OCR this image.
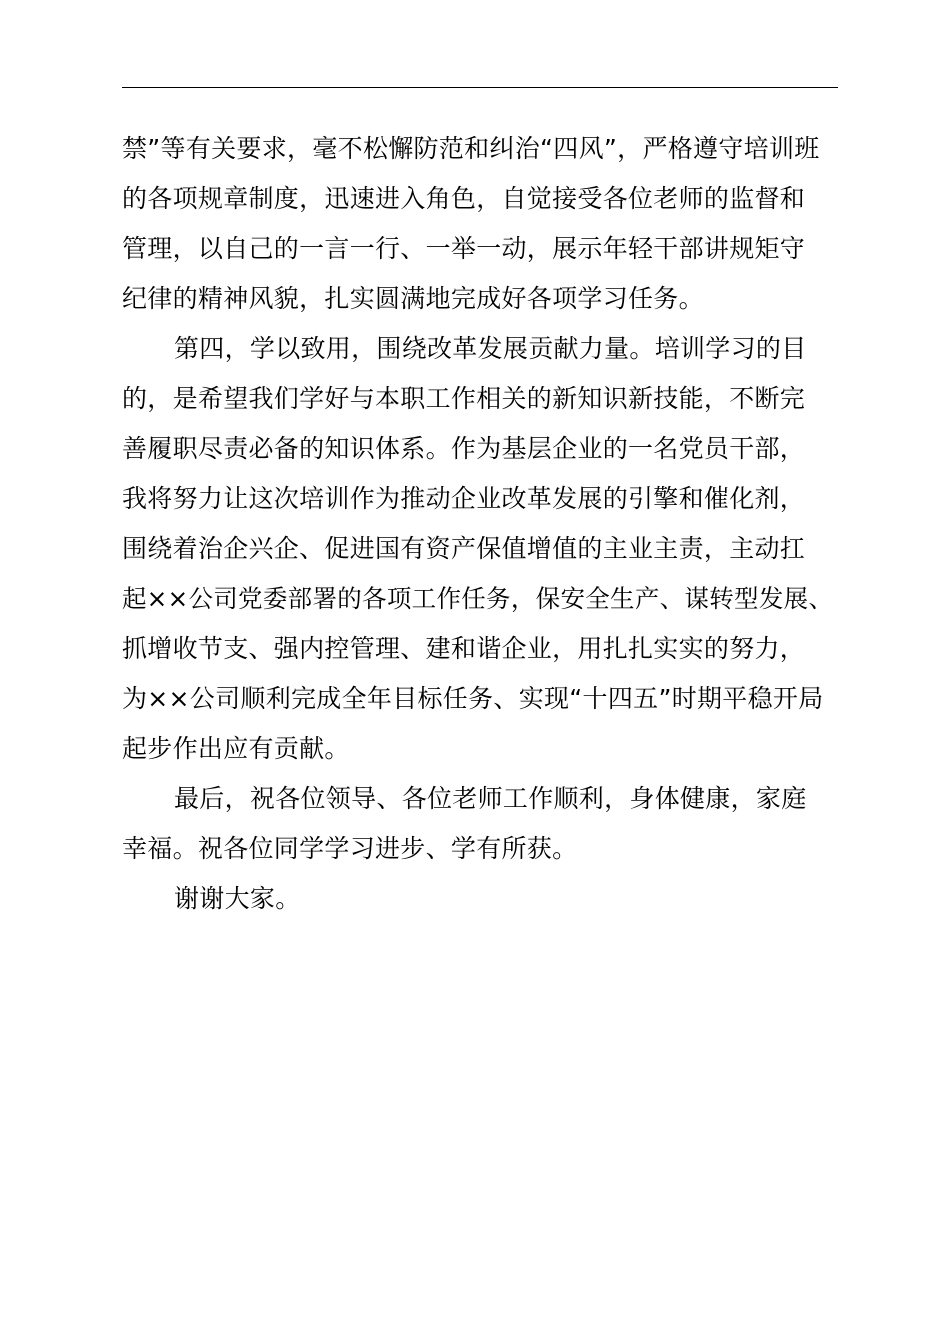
禁”等有关要求，毫不松懈防范和纠治“四风”，严格遵守培训班
的各项规章制度，迅速进入角色，自觉接受各位老师的监督和
管理，以自己的一言一行、一举一动，展示年轻干部讲规矩守
纪律的精神风貌，扎实圆满地完成好各项学习任务。
第四，学以致用，围绕改革发展贡献力量。培训学习的目
的，是希望我们学好与本职工作相关的新知识新技能，不断完
善履职尽责必备的知识体系。作为基层企业的一名党员干部，
我将努力让这次培训作为推动企业改革发展的引擎和催化剂，
围绕着治企兴企、促进国有资产保值增值的主业主责，主动扛
起××公司党委部署的各项工作任务，保安全生产、谋转型发展、
抓增收节支、强内控管理、建和谐企业，用扎扎实实的努力，
为××公司顺利完成全年目标任务、实现“十四五”时期平稳开局
起步作出应有贡献。
最后，祝各位领导、各位老师工作顺利，身体健康，家庭
幸福。祝各位同学学习进步、学有所获。
谢谢大家。
